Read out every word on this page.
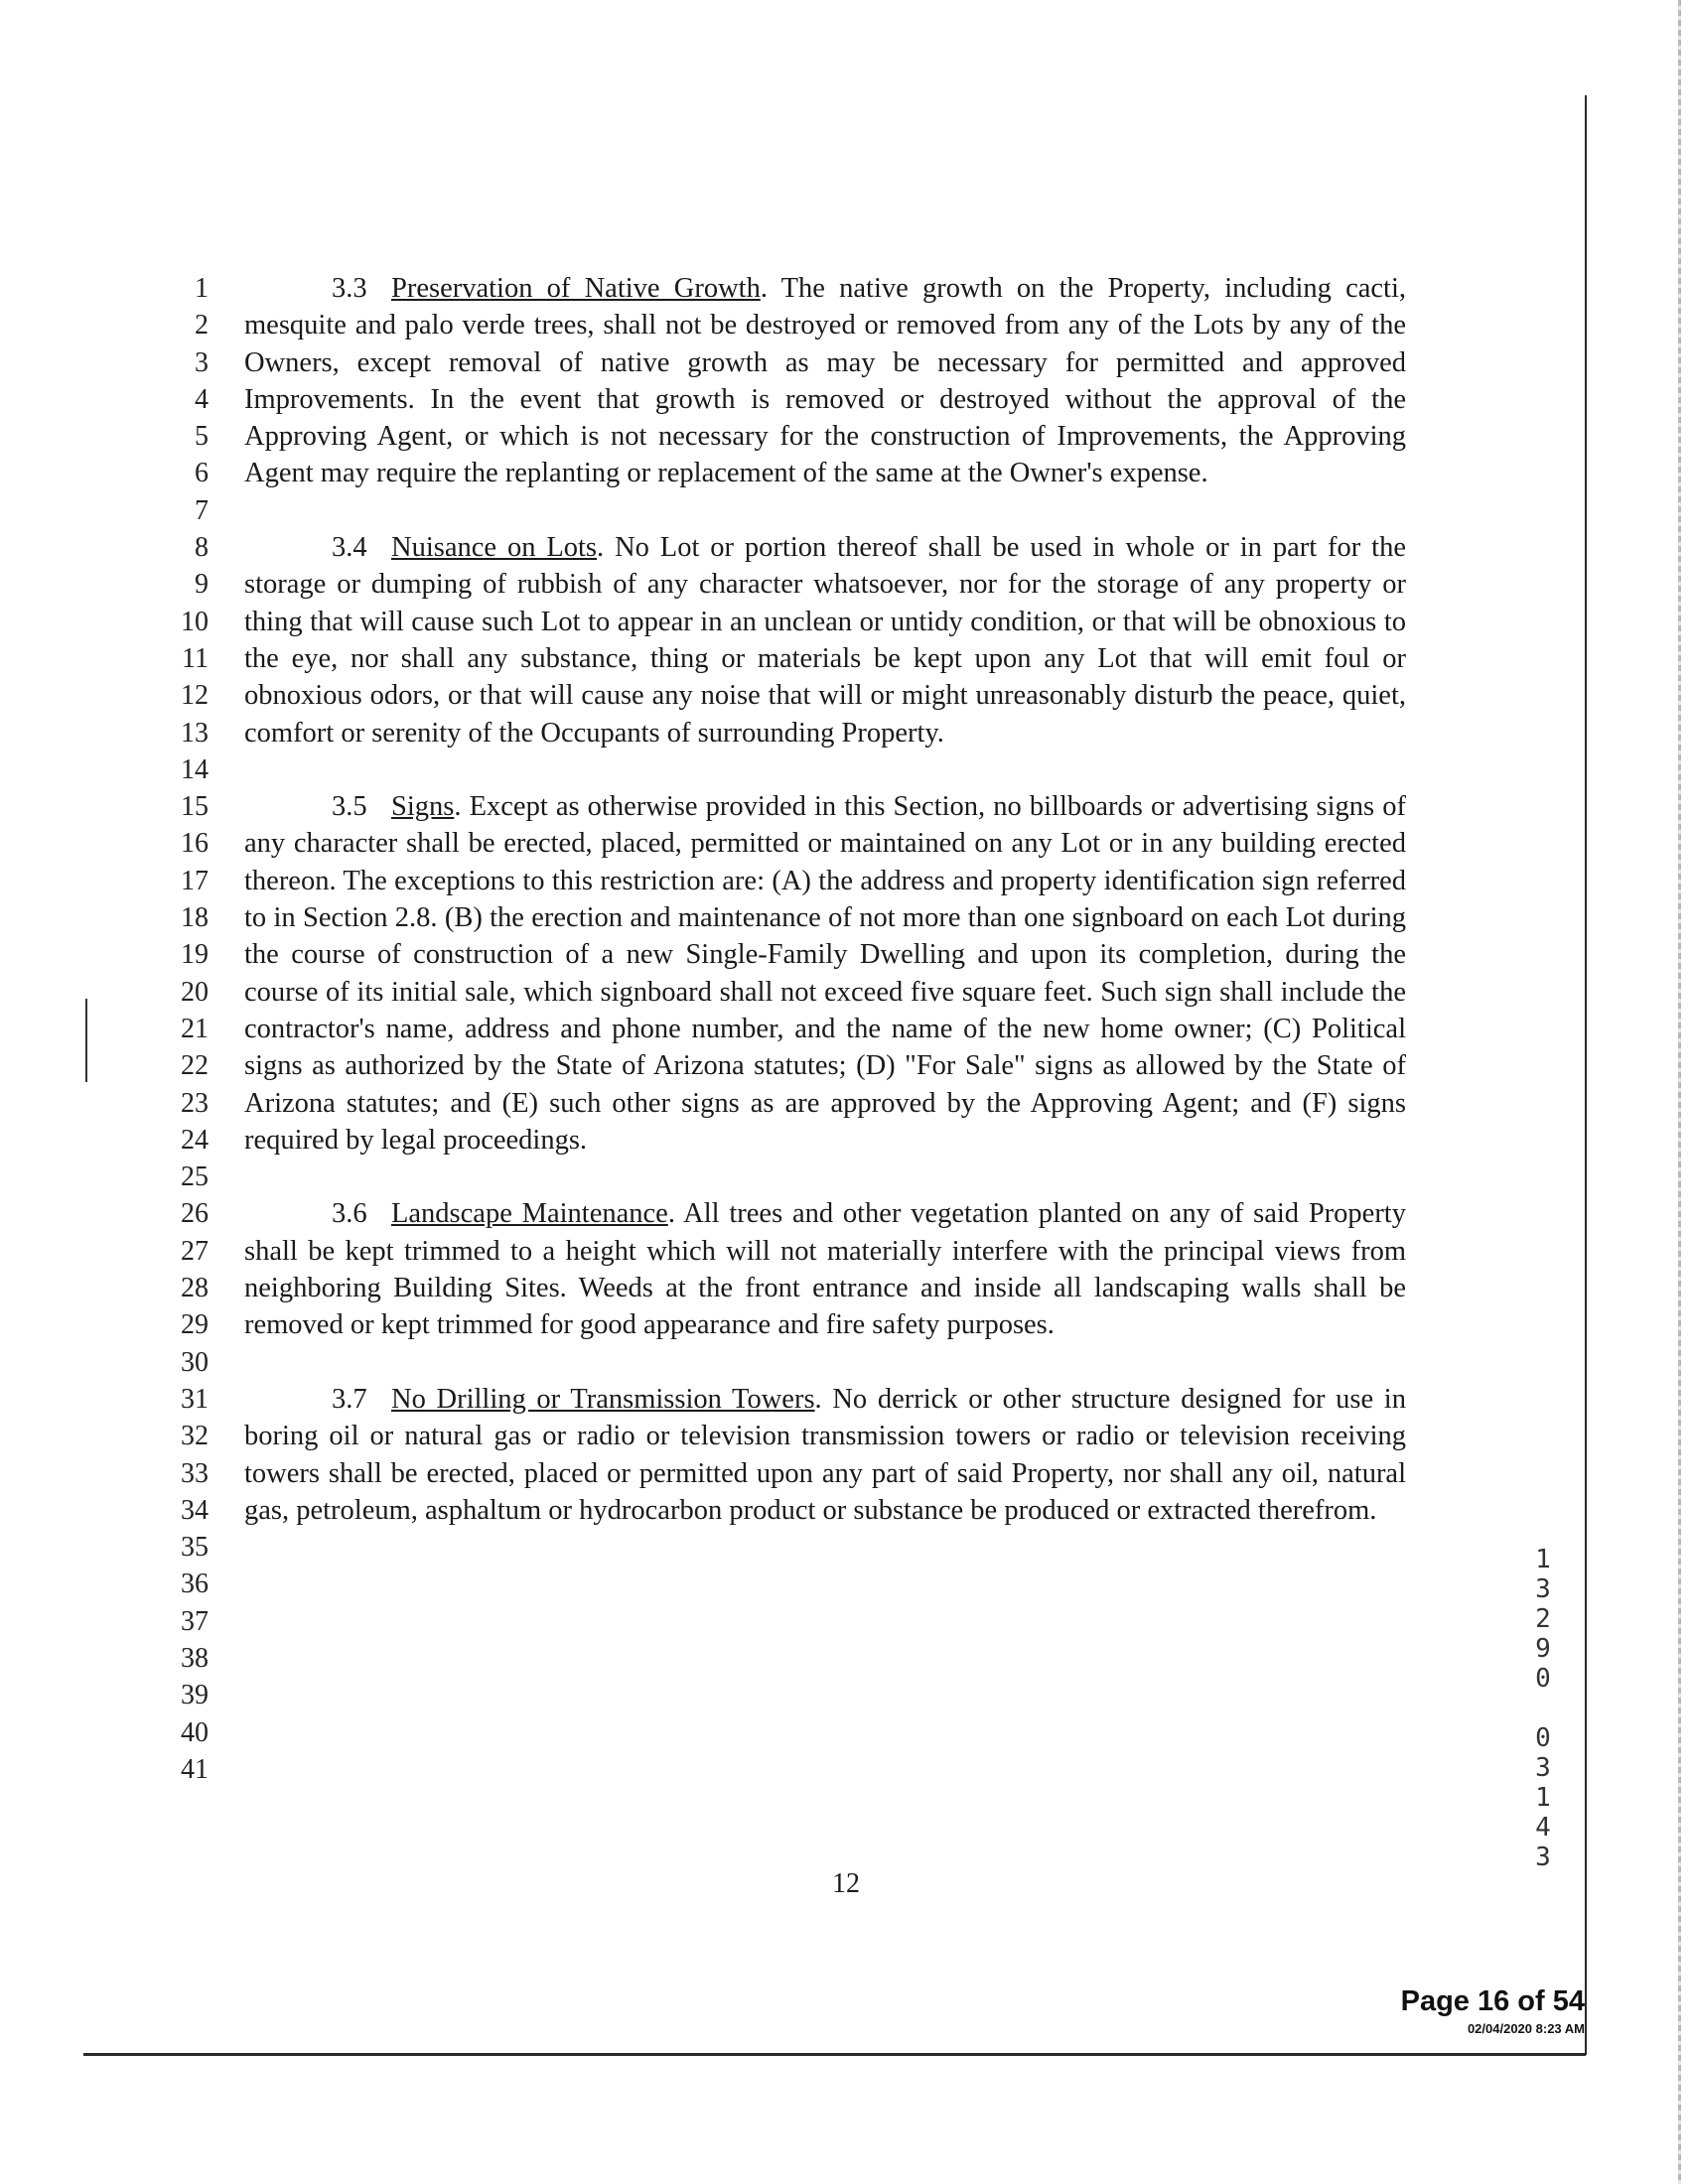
1
2
3
4
5
6
7
8
9
10
11
12
13
14
15
16
17
18
19
20
21
22
23
24
25
26
27
28
29
30
31
32
33
34
35
36
37
38
39
40
41

3.3 Preservation of Native Growth. The native growth on the Property, including cacti, mesquite and palo verde trees, shall not be destroyed or removed from any of the Lots by any of the Owners, except removal of native growth as may be necessary for permitted and approved Improvements. In the event that growth is removed or destroyed without the approval of the Approving Agent, or which is not necessary for the construction of Improvements, the Approving Agent may require the replanting or replacement of the same at the Owner's expense.

3.4 Nuisance on Lots. No Lot or portion thereof shall be used in whole or in part for the storage or dumping of rubbish of any character whatsoever, nor for the storage of any property or thing that will cause such Lot to appear in an unclean or untidy condition, or that will be obnoxious to the eye, nor shall any substance, thing or materials be kept upon any Lot that will emit foul or obnoxious odors, or that will cause any noise that will or might unreasonably disturb the peace, quiet, comfort or serenity of the Occupants of surrounding Property.

3.5 Signs. Except as otherwise provided in this Section, no billboards or advertising signs of any character shall be erected, placed, permitted or maintained on any Lot or in any building erected thereon. The exceptions to this restriction are: (A) the address and property identification sign referred to in Section 2.8. (B) the erection and maintenance of not more than one signboard on each Lot during the course of construction of a new Single-Family Dwelling and upon its completion, during the course of its initial sale, which signboard shall not exceed five square feet. Such sign shall include the contractor's name, address and phone number, and the name of the new home owner; (C) Political signs as authorized by the State of Arizona statutes; (D) "For Sale" signs as allowed by the State of Arizona statutes; and (E) such other signs as are approved by the Approving Agent; and (F) signs required by legal proceedings.

3.6 Landscape Maintenance. All trees and other vegetation planted on any of said Property shall be kept trimmed to a height which will not materially interfere with the principal views from neighboring Building Sites. Weeds at the front entrance and inside all landscaping walls shall be removed or kept trimmed for good appearance and fire safety purposes.

3.7 No Drilling or Transmission Towers. No derrick or other structure designed for use in boring oil or natural gas or radio or television transmission towers or radio or television receiving towers shall be erected, placed or permitted upon any part of said Property, nor shall any oil, natural gas, petroleum, asphaltum or hydrocarbon product or substance be produced or extracted therefrom.

12
1
3
2
9
0

0
3
1
4
3
Page 16 of 54
02/04/2020 8:23 AM
